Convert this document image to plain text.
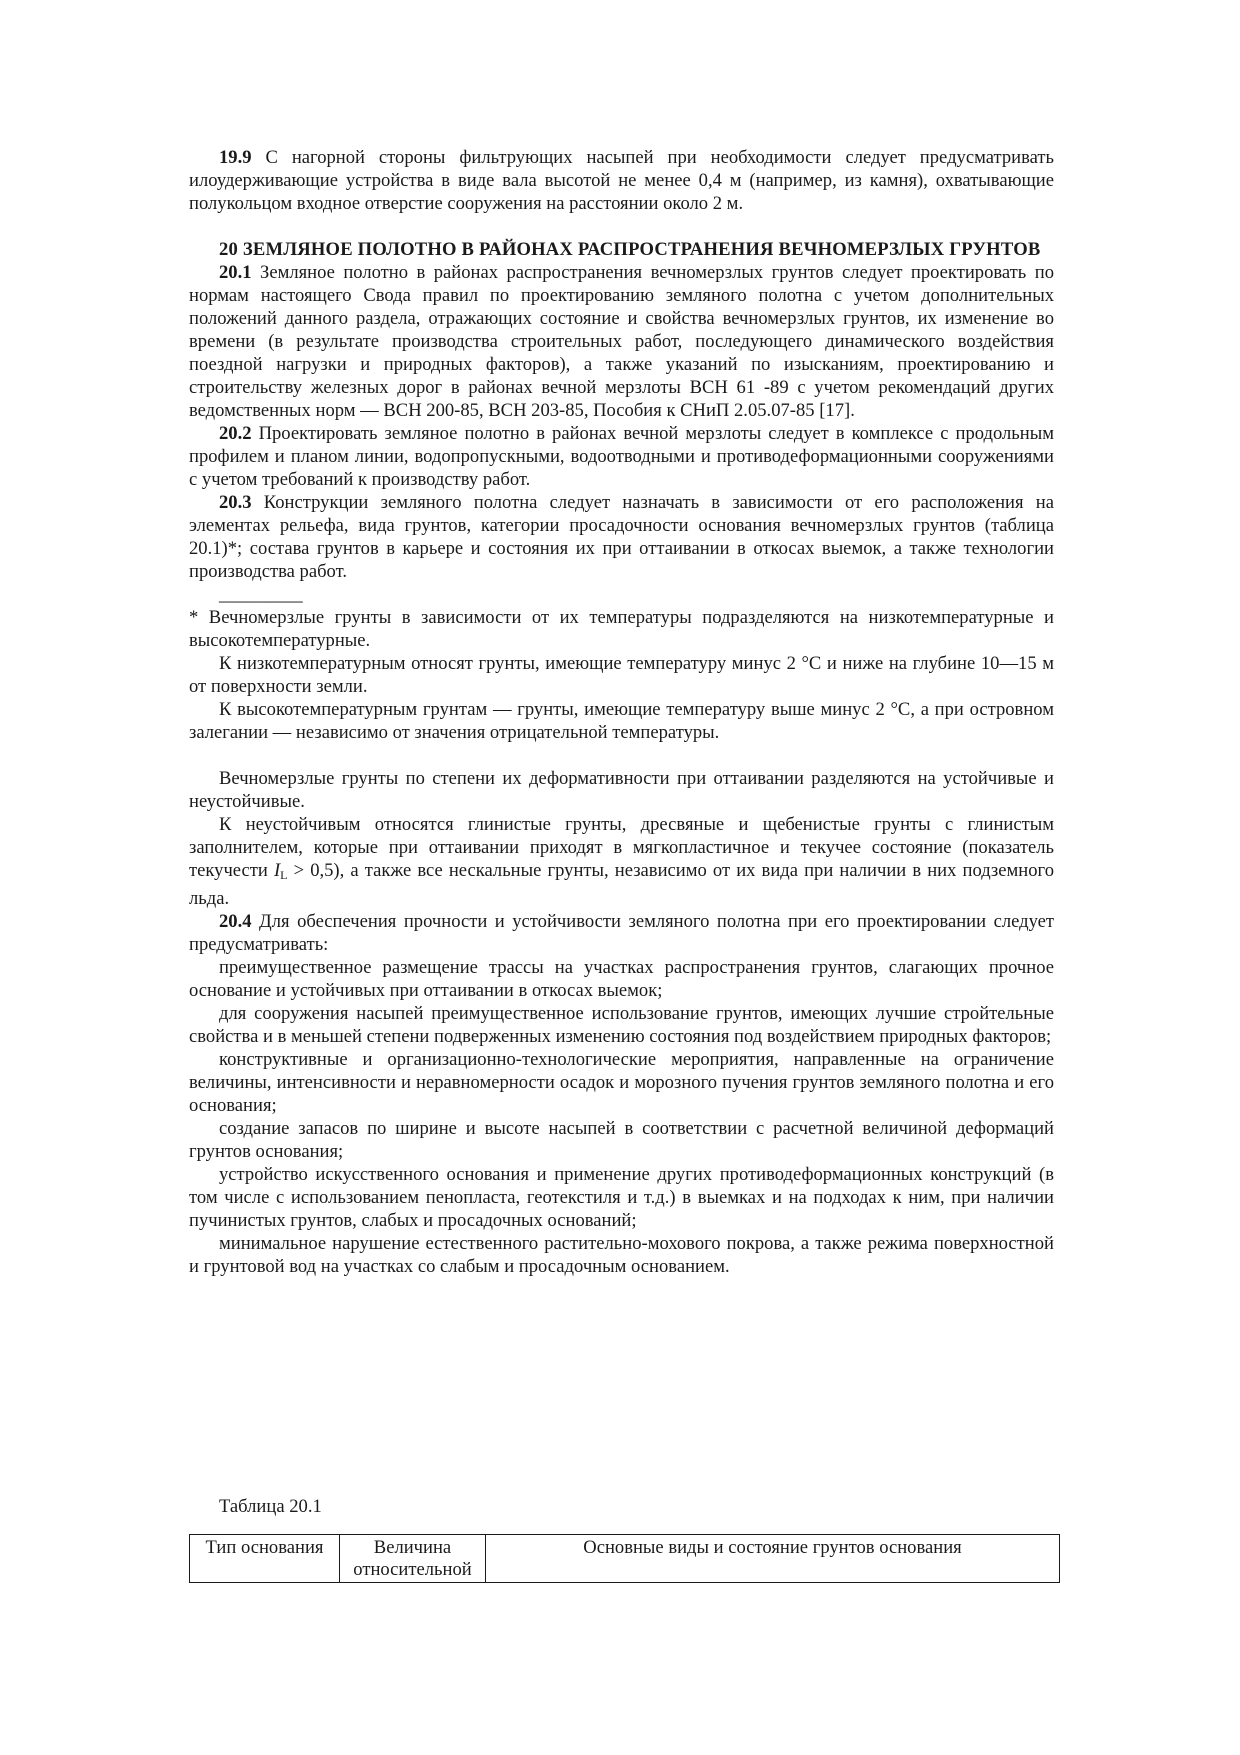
19.9 С нагорной стороны фильтрующих насыпей при необходимости следует предусматривать илоудерживающие устройства в виде вала высотой не менее 0,4 м (например, из камня), охватывающие полукольцом входное отверстие сооружения на расстоянии около 2 м.

20 ЗЕМЛЯНОЕ ПОЛОТНО В РАЙОНАХ РАСПРОСТРАНЕНИЯ ВЕЧНОМЕРЗЛЫХ ГРУНТОВ

20.1 Земляное полотно в районах распространения вечномерзлых грунтов следует проектировать по нормам настоящего Свода правил по проектированию земляного полотна с учетом дополнительных положений данного раздела, отражающих состояние и свойства вечномерзлых грунтов, их изменение во времени (в результате производства строительных работ, последующего динамического воздействия поездной нагрузки и природных факторов), а также указаний по изысканиям, проектированию и строительству железных дорог в районах вечной мерзлоты ВСН 61 -89 с учетом рекомендаций других ведомственных норм — ВСН 200-85, ВСН 203-85, Пособия к СНиП 2.05.07-85 [17].

20.2 Проектировать земляное полотно в районах вечной мерзлоты следует в комплексе с продольным профилем и планом линии, водопропускными, водоотводными и противодеформационными сооружениями с учетом требований к производству работ.

20.3 Конструкции земляного полотна следует назначать в зависимости от его расположения на элементах рельефа, вида грунтов, категории просадочности основания вечномерзлых грунтов (таблица 20.1)*; состава грунтов в карьере и состояния их при оттаивании в откосах выемок, а также технологии производства работ.

_________

* Вечномерзлые грунты в зависимости от их температуры подразделяются на низкотемпературные и высокотемпературные.

К низкотемпературным относят грунты, имеющие температуру минус 2 °С и ниже на глубине 10—15 м от поверхности земли.

К высокотемпературным грунтам — грунты, имеющие температуру выше минус 2 °С, а при островном залегании — независимо от значения отрицательной температуры.

Вечномерзлые грунты по степени их деформативности при оттаивании разделяются на устойчивые и неустойчивые.

К неустойчивым относятся глинистые грунты, дресвяные и щебенистые грунты с глинистым заполнителем, которые при оттаивании приходят в мягкопластичное и текучее состояние (показатель текучести $I_L > 0,5$), а также все нескальные грунты, независимо от их вида при наличии в них подземного льда.

20.4 Для обеспечения прочности и устойчивости земляного полотна при его проектировании следует предусматривать:

преимущественное размещение трассы на участках распространения грунтов, слагающих прочное основание и устойчивых при оттаивании в откосах выемок;

для сооружения насыпей преимущественное использование грунтов, имеющих лучшие стройтельные свойства и в меньшей степени подверженных изменению состояния под воздействием природных факторов;

конструктивные и организационно-технологические мероприятия, направленные на ограничение величины, интенсивности и неравномерности осадок и морозного пучения грунтов земляного полотна и его основания;

создание запасов по ширине и высоте насыпей в соответствии с расчетной величиной деформаций грунтов основания;

устройство искусственного основания и применение других противодеформационных конструкций (в том числе с использованием пенопласта, геотекстиля и т.д.) в выемках и на подходах к ним, при наличии пучинистых грунтов, слабых и просадочных оснований;

минимальное нарушение естественного растительно-мохового покрова, а также режима поверхностной и грунтовой вод на участках со слабым и просадочным основанием.

Таблица 20.1
Тип основания	Величина относительной	Основные виды и состояние грунтов основания
